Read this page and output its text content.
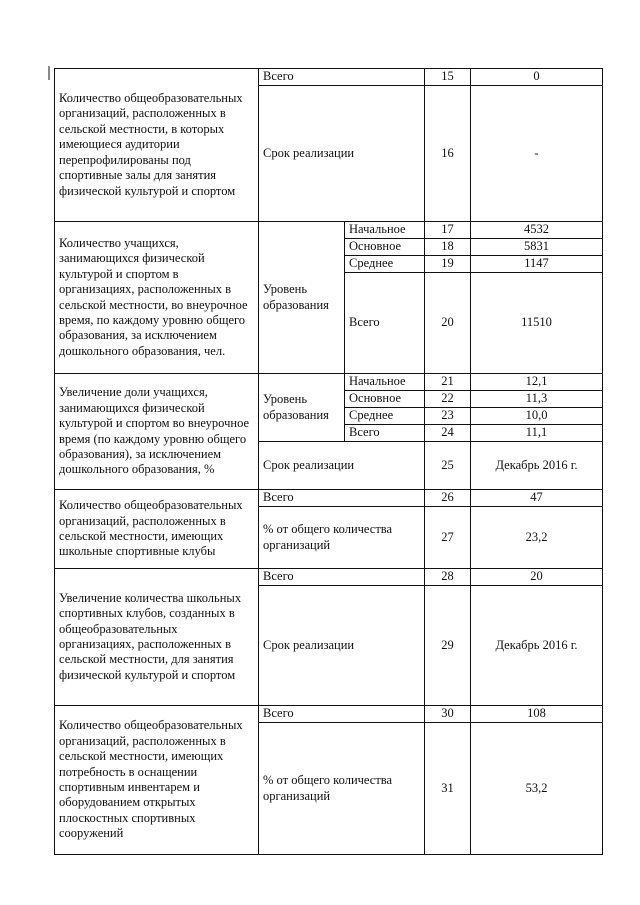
Количество общеобразовательных организаций, расположенных в сельской местности, в которых имеющиеся аудитории перепрофилированы под спортивные залы для занятия физической культурой и спортом	Всего		15	0
	Срок реализации		16	-
Количество учащихся, занимающихся физической культурой и спортом в организациях, расположенных в сельской местности, во внеурочное время, по каждому уровню общего образования, за исключением дошкольного образования, чел.	Уровень образования	Начальное	17	4532
		Основное	18	5831
		Среднее	19	1147
		Всего	20	11510
Увеличение доли учащихся, занимающихся физической культурой и спортом во внеурочное время (по каждому уровню общего образования), за исключением дошкольного образования, %	Уровень образования	Начальное	21	12,1
		Основное	22	11,3
		Среднее	23	10,0
		Всего	24	11,1
	Срок реализации		25	Декабрь 2016 г.
Количество общеобразовательных организаций, расположенных в сельской местности, имеющих школьные спортивные клубы	Всего		26	47
	% от общего количества организаций		27	23,2
Увеличение количества школьных спортивных клубов, созданных в общеобразовательных организациях, расположенных в сельской местности, для занятия физической культурой и спортом	Всего		28	20
	Срок реализации		29	Декабрь 2016 г.
Количество общеобразовательных организаций, расположенных в сельской местности, имеющих потребность в оснащении спортивным инвентарем и оборудованием открытых плоскостных спортивных сооружений	Всего		30	108
	% от общего количества организаций		31	53,2
